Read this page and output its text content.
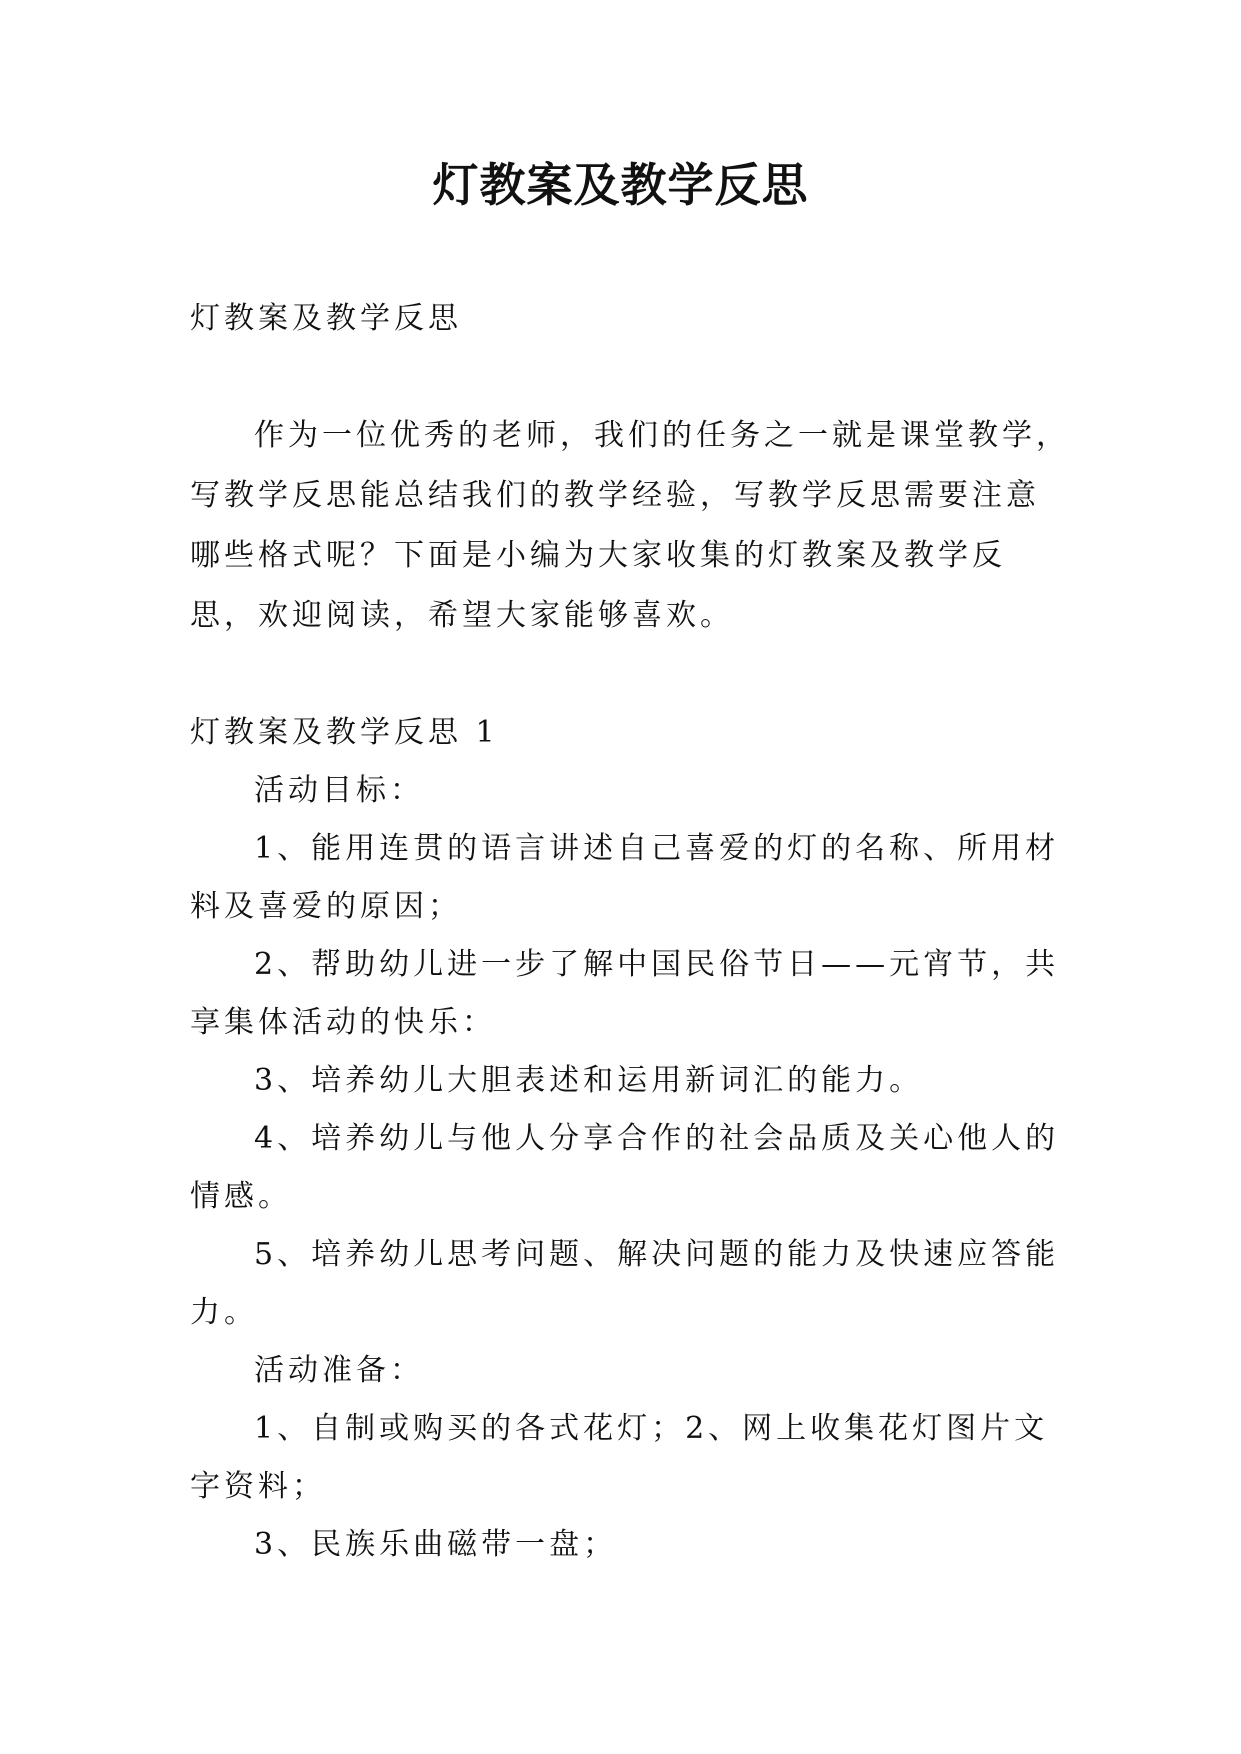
灯教案及教学反思

灯教案及教学反思

作为一位优秀的老师，我们的任务之一就是课堂教学，写教学反思能总结我们的教学经验，写教学反思需要注意哪些格式呢？下面是小编为大家收集的灯教案及教学反思，欢迎阅读，希望大家能够喜欢。

灯教案及教学反思 1

活动目标：

1、能用连贯的语言讲述自己喜爱的灯的名称、所用材料及喜爱的原因；

2、帮助幼儿进一步了解中国民俗节日——元宵节，共享集体活动的快乐：

3、培养幼儿大胆表述和运用新词汇的能力。

4、培养幼儿与他人分享合作的社会品质及关心他人的情感。

5、培养幼儿思考问题、解决问题的能力及快速应答能力。

活动准备：

1、自制或购买的各式花灯；2、网上收集花灯图片文字资料；

3、民族乐曲磁带一盘；
